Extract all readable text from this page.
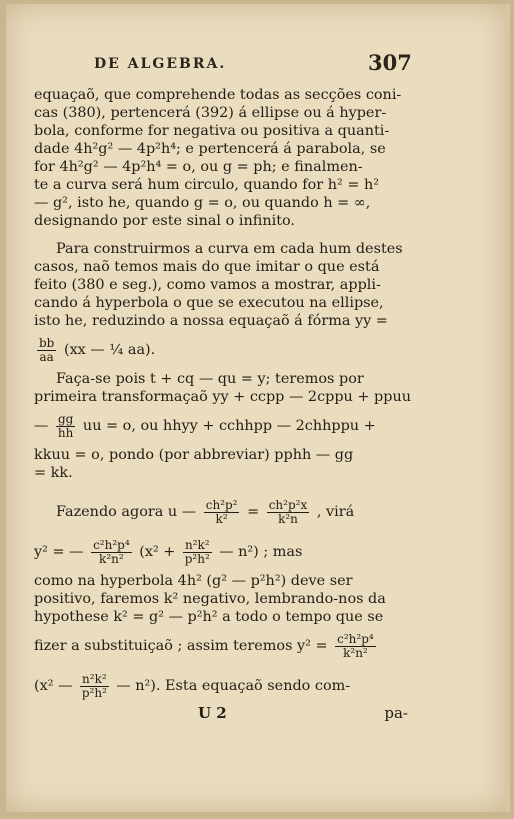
DE ALGEBRA.	307
equaçaõ, que comprehende todas as secções coni-
cas (380), pertencerá (392) á ellipse ou á hyper-
bola, conforme for negativa ou positiva a quanti-
dade 4h²g² — 4p²h⁴; e pertencerá á parabola, se
for 4h²g² — 4p²h⁴ = o, ou g = ph; e finalmen-
te a curva será hum circulo, quando for h² = h²
— g², isto he, quando g = o, ou quando h = ∞,
designando por este sinal o infinito.
Para construirmos a curva em cada hum destes
casos, naõ temos mais do que imitar o que está
feito (380 e seg.), como vamos a mostrar, appli-
cando á hyperbola o que se executou na ellipse,
isto he, reduzindo a nossa equaçaõ á fórma yy =
$\frac{bb}{aa} (xx$ — ¼ aa).
Faça-se pois t + cq — qu = y; teremos por
primeira transformaçaõ yy + ccpp — 2cppu + ppuu
— $\frac{gg}{hh}$ uu = o, ou hhyy + cchhpp — 2chhppu +
kkuu = o, pondo (por abbreviar) pphh — gg
= kk.
Fazendo agora u — $\frac{\text{ch²p²}}{\text{k²}} = \frac{\text{ch²p²x}}{\text{k²n}}$ , virá
y² = — $\frac{\text{c²h²p⁴}}{\text{k²n²}} (x^2 + \frac{\text{n²k²}}{\text{p²h²}}$ — n²) ; mas
como na hyperbola 4h² (g² — p²h²) deve ser
positivo, faremos k² negativo, lembrando-nos da
hypothese k² = g² — p²h² a todo o tempo que se
fizer a substituiçaõ ; assim teremos $y^2 = \frac{\text{c²h²p⁴}}{\text{k²n²}}$
(x² — $\frac{\text{n²k²}}{\text{p²h²}}$ — n²). Esta equaçaõ sendo com-
U 2	pa-
